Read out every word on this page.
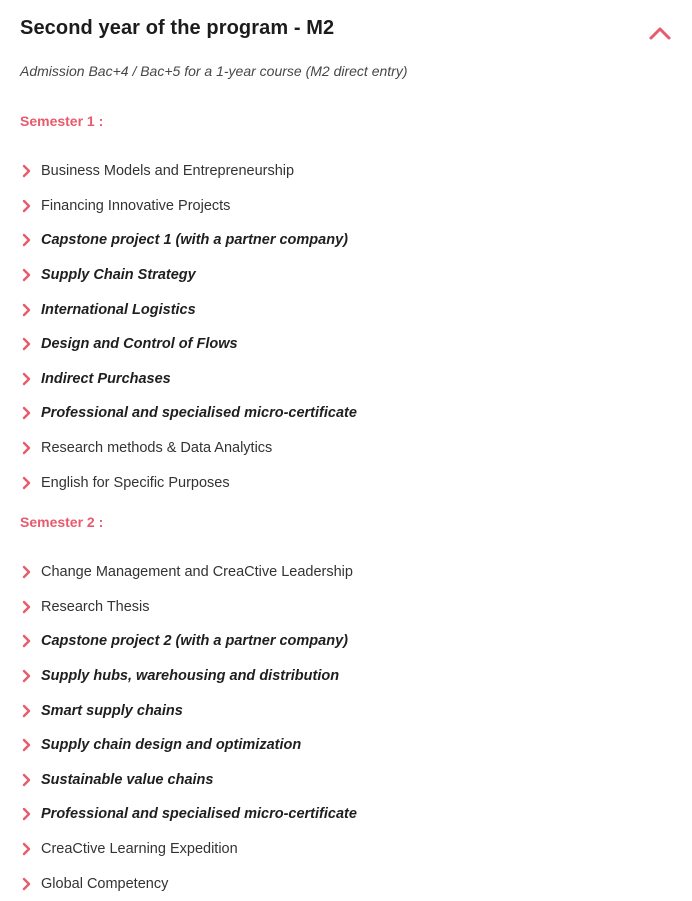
Second year of the program - M2
Admission Bac+4 / Bac+5 for a 1-year course (M2 direct entry)
Semester 1 :
Business Models and Entrepreneurship
Financing Innovative Projects
Capstone project 1 (with a partner company)
Supply Chain Strategy
International Logistics
Design and Control of Flows
Indirect Purchases
Professional and specialised micro-certificate
Research methods & Data Analytics
English for Specific Purposes
Semester 2 :
Change Management and CreaCtive Leadership
Research Thesis
Capstone project 2 (with a partner company)
Supply hubs, warehousing and distribution
Smart supply chains
Supply chain design and optimization
Sustainable value chains
Professional and specialised micro-certificate
CreaCtive Learning Expedition
Global Competency
